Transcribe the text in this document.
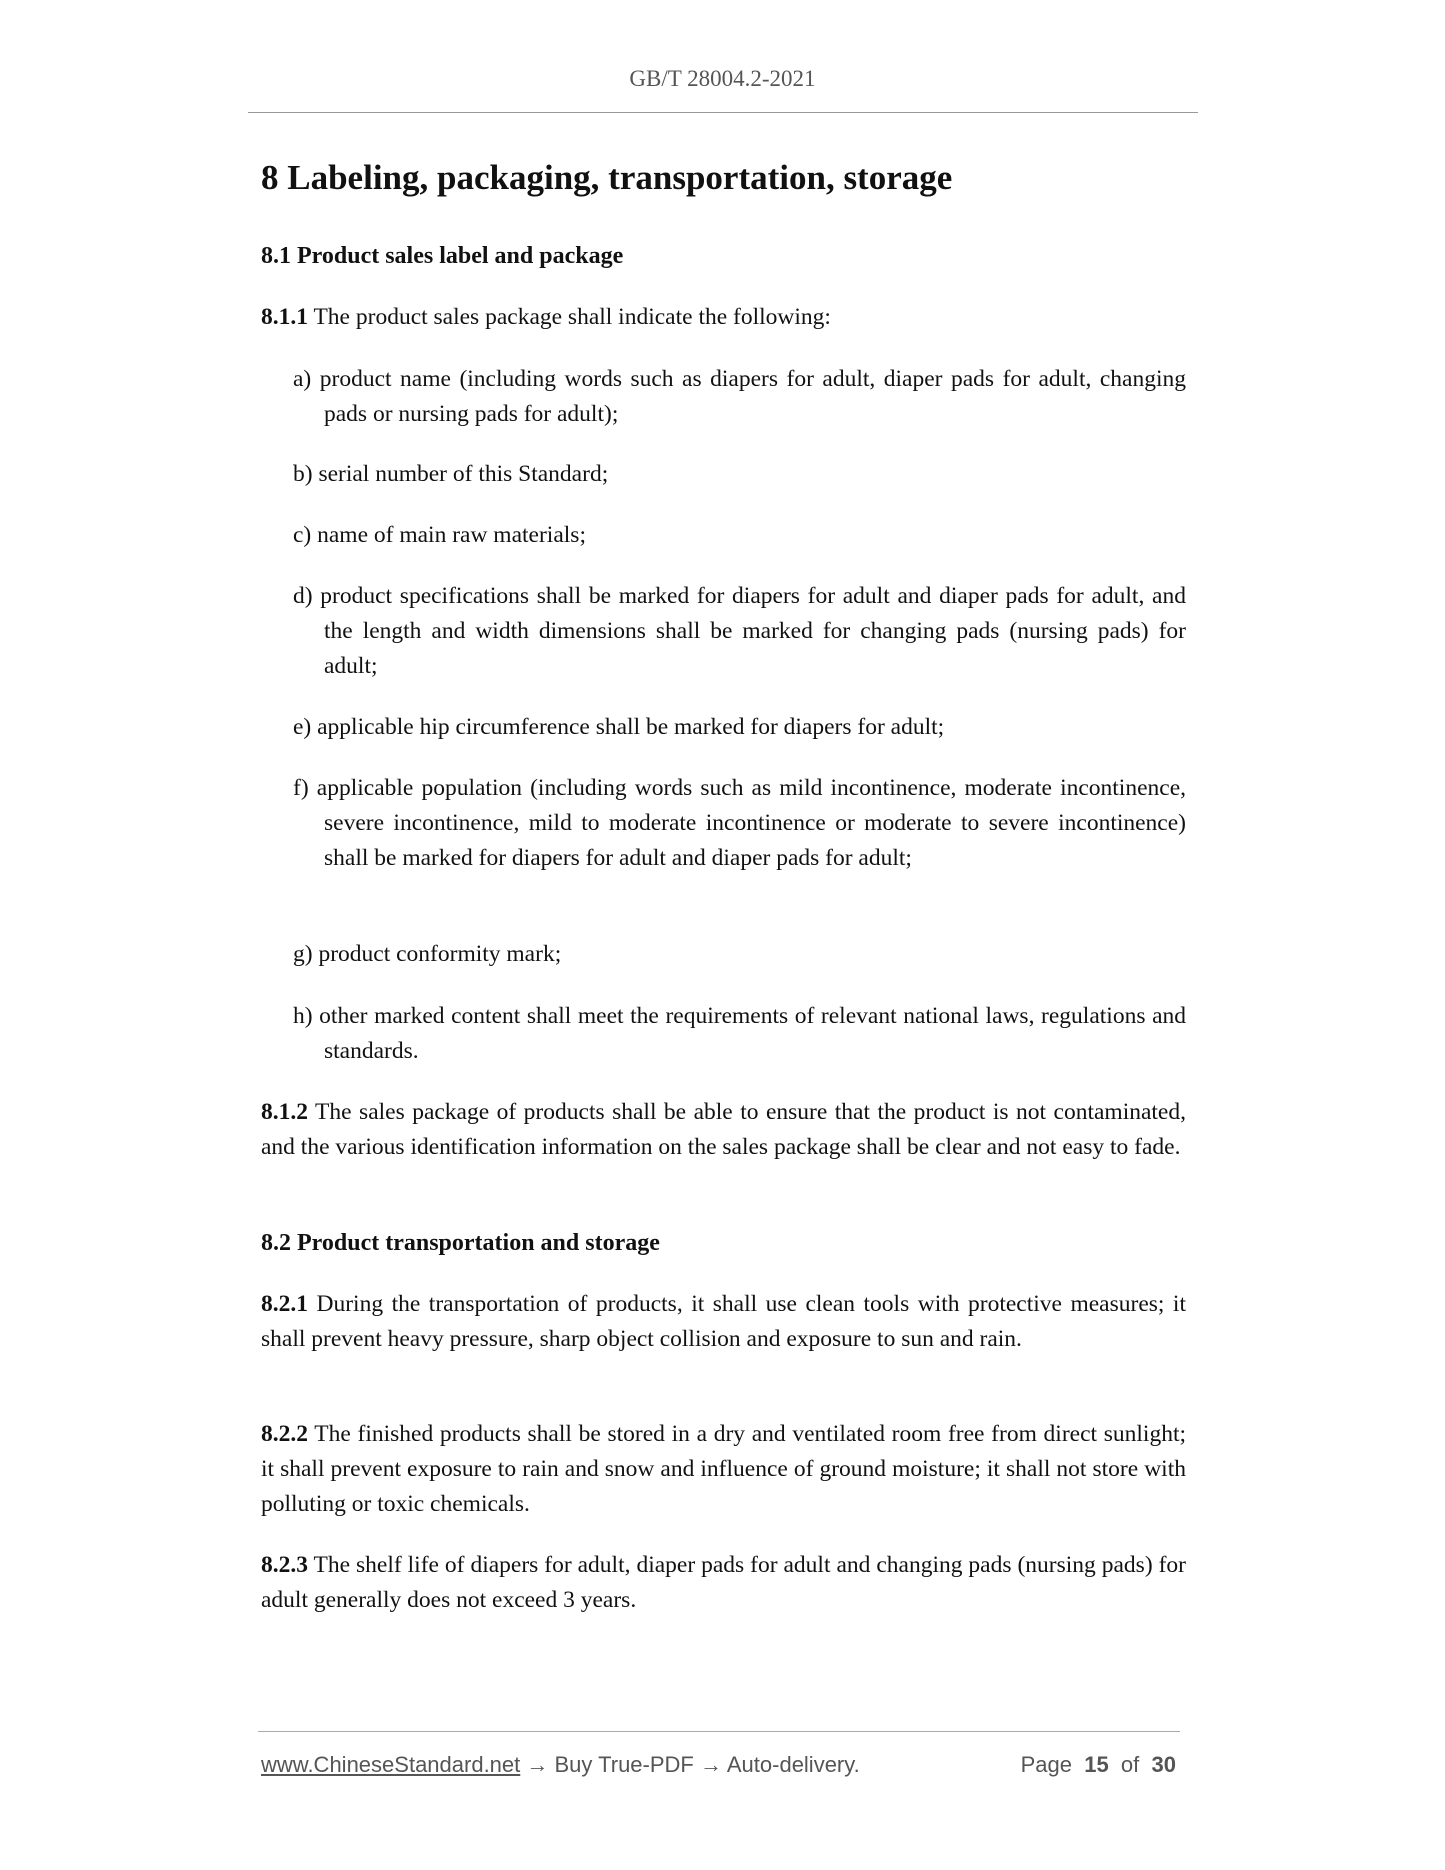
GB/T 28004.2-2021
8 Labeling, packaging, transportation, storage
8.1 Product sales label and package
8.1.1 The product sales package shall indicate the following:
a) product name (including words such as diapers for adult, diaper pads for adult, changing pads or nursing pads for adult);
b) serial number of this Standard;
c) name of main raw materials;
d) product specifications shall be marked for diapers for adult and diaper pads for adult, and the length and width dimensions shall be marked for changing pads (nursing pads) for adult;
e) applicable hip circumference shall be marked for diapers for adult;
f) applicable population (including words such as mild incontinence, moderate incontinence, severe incontinence, mild to moderate incontinence or moderate to severe incontinence) shall be marked for diapers for adult and diaper pads for adult;
g) product conformity mark;
h) other marked content shall meet the requirements of relevant national laws, regulations and standards.
8.1.2 The sales package of products shall be able to ensure that the product is not contaminated, and the various identification information on the sales package shall be clear and not easy to fade.
8.2 Product transportation and storage
8.2.1 During the transportation of products, it shall use clean tools with protective measures; it shall prevent heavy pressure, sharp object collision and exposure to sun and rain.
8.2.2 The finished products shall be stored in a dry and ventilated room free from direct sunlight; it shall prevent exposure to rain and snow and influence of ground moisture; it shall not store with polluting or toxic chemicals.
8.2.3 The shelf life of diapers for adult, diaper pads for adult and changing pads (nursing pads) for adult generally does not exceed 3 years.
www.ChineseStandard.net → Buy True-PDF → Auto-delivery.	Page 15 of 30
